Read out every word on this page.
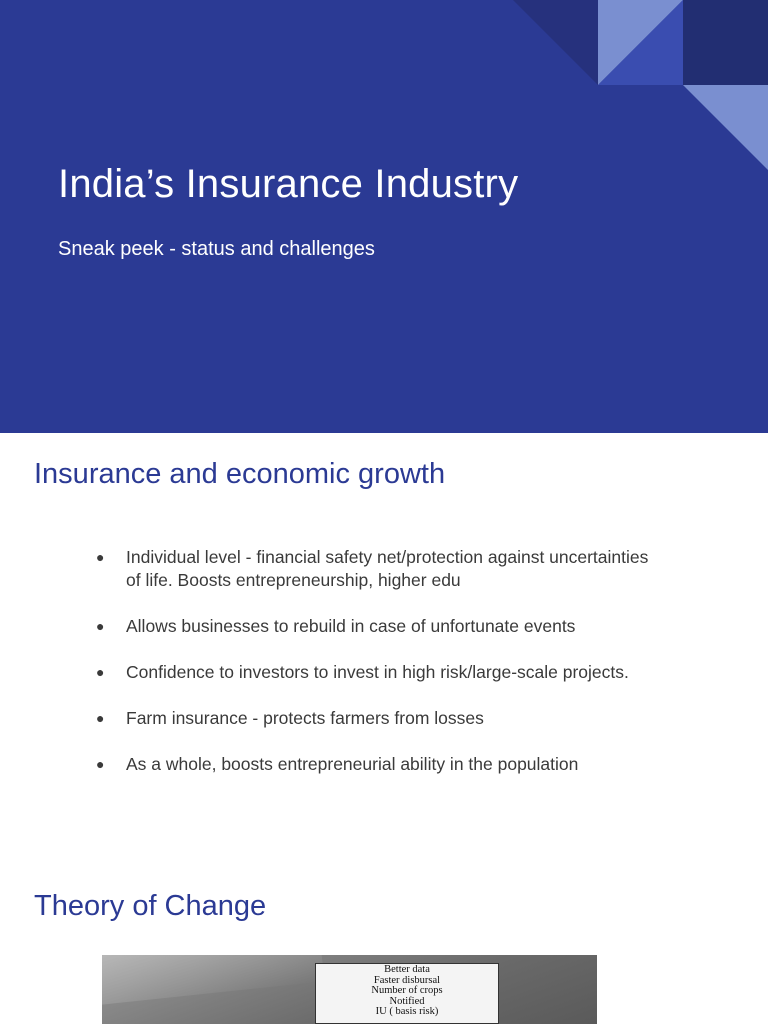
India’s Insurance Industry
Sneak peek - status and challenges
Insurance and economic growth
● Individual level - financial safety net/protection against uncertainties of life. Boosts entrepreneurship, higher edu
● Allows businesses to rebuild in case of unfortunate events
● Confidence to investors to invest in high risk/large-scale projects.
● Farm insurance - protects farmers from losses
● As a whole, boosts entrepreneurial ability in the population
Theory of Change
Better data
Faster disbursal
Number of crops
Notified
IU ( basis risk)
